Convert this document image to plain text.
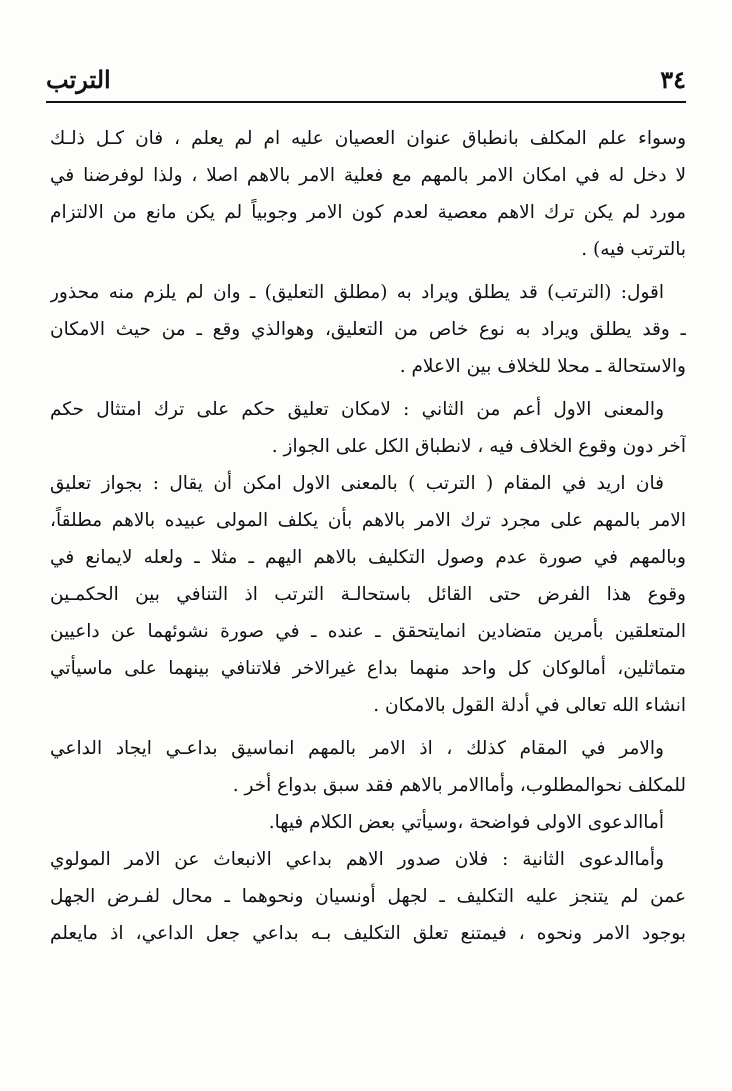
٣٤
الترتب
وسواء علم المكلف بانطباق عنوان العصيان عليه ام لم يعلم ، فان كـل ذلـك
لا دخل له في امكان الامر بالمهم مع فعلية الامر بالاهم اصلا ، ولذا لوفرضنا في
مورد لم يكن ترك الاهم معصية لعدم كون الامر وجوبياً لم يكن مانع من الالتزام
بالترتب فيه) .
اقول: (الترتب) قد يطلق ويراد به (مطلق التعليق) ـ وان لم يلزم منه محذور
ـ وقد يطلق ويراد به نوع خاص من التعليق، وهوالذي وقع ـ من حيث الامكان
والاستحالة ـ محلا للخلاف بين الاعلام .
والمعنى الاول أعم من الثاني : لامكان تعليق حكم على ترك امتثال حكم
آخر دون وقوع الخلاف فيه ، لانطباق الكل على الجواز .
فان اريد في المقام ( الترتب ) بالمعنى الاول امكن أن يقال : بجواز تعليق
الامر بالمهم على مجرد ترك الامر بالاهم بأن يكلف المولى عبيده بالاهم مطلقاً،
وبالمهم في صورة عدم وصول التكليف بالاهم اليهم ـ مثلا ـ ولعله لايمانع في
وقوع هذا الفرض حتى القائل باستحالـة الترتب اذ التنافي بين الحكمـين
المتعلقين بأمرين متضادين انمايتحقق ـ عنده ـ في صورة نشوئهما عن داعيين
متماثلين، أمالوكان كل واحد منهما بداع غيرالاخر فلاتنافي بينهما على ماسيأتي
انشاء الله تعالى في أدلة القول بالامكان .
والامر في المقام كذلك ، اذ الامر بالمهم انماسيق بداعـي ايجاد الداعي
للمكلف نحوالمطلوب، وأماالامر بالاهم فقد سبق بدواع أخر .
أماالدعوى الاولى فواضحة ،وسيأتي بعض الكلام فيها.
وأماالدعوى الثانية : فلان صدور الاهم بداعي الانبعاث عن الامر المولوي
عمن لم يتنجز عليه التكليف ـ لجهل أونسيان ونحوهما ـ محال لفـرض الجهل
بوجود الامر ونحوه ، فيمتنع تعلق التكليف بـه بداعي جعل الداعي، اذ مايعلم
